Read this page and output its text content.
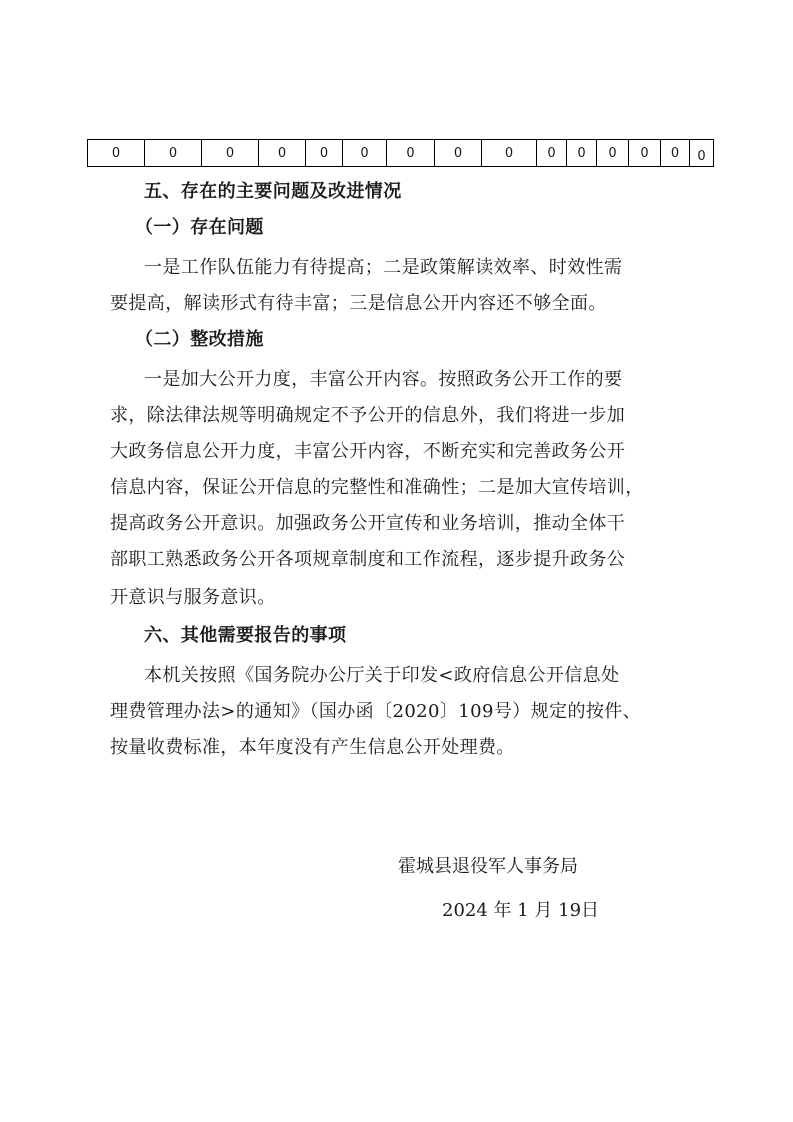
0	0	0	0	0	0	0	0	0	0	0	0	0	0	0

五、存在的主要问题及改进情况

（一）存在问题

一是工作队伍能力有待提高；二是政策解读效率、时效性需

要提高，解读形式有待丰富；三是信息公开内容还不够全面。

（二）整改措施

一是加大公开力度，丰富公开内容。按照政务公开工作的要

求，除法律法规等明确规定不予公开的信息外，我们将进一步加

大政务信息公开力度，丰富公开内容，不断充实和完善政务公开

信息内容，保证公开信息的完整性和准确性；二是加大宣传培训，

提高政务公开意识。加强政务公开宣传和业务培训，推动全体干

部职工熟悉政务公开各项规章制度和工作流程，逐步提升政务公

开意识与服务意识。

六、其他需要报告的事项

本机关按照《国务院办公厅关于印发<政府信息公开信息处

理费管理办法>的通知》（国办函〔2020〕109号）规定的按件、

按量收费标准，本年度没有产生信息公开处理费。

霍城县退役军人事务局
2024 年 1 月 19日
